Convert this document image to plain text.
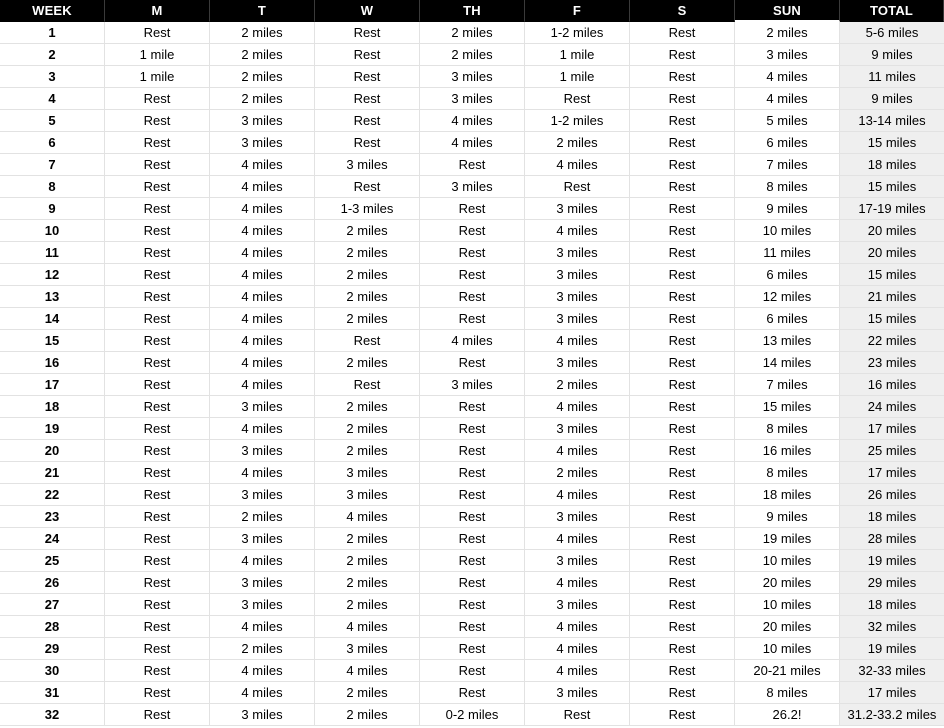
WEEK	M	T	W	TH	F	S	SUN	TOTAL
1	Rest	2 miles	Rest	2 miles	1-2 miles	Rest	2 miles	5-6 miles
2	1 mile	2 miles	Rest	2 miles	1 mile	Rest	3 miles	9 miles
3	1 mile	2 miles	Rest	3 miles	1 mile	Rest	4 miles	11 miles
4	Rest	2 miles	Rest	3 miles	Rest	Rest	4 miles	9 miles
5	Rest	3 miles	Rest	4 miles	1-2 miles	Rest	5 miles	13-14 miles
6	Rest	3 miles	Rest	4 miles	2 miles	Rest	6 miles	15 miles
7	Rest	4 miles	3 miles	Rest	4 miles	Rest	7 miles	18 miles
8	Rest	4 miles	Rest	3 miles	Rest	Rest	8 miles	15 miles
9	Rest	4 miles	1-3 miles	Rest	3 miles	Rest	9 miles	17-19 miles
10	Rest	4 miles	2 miles	Rest	4 miles	Rest	10 miles	20 miles
11	Rest	4 miles	2 miles	Rest	3 miles	Rest	11 miles	20 miles
12	Rest	4 miles	2 miles	Rest	3 miles	Rest	6 miles	15 miles
13	Rest	4 miles	2 miles	Rest	3 miles	Rest	12 miles	21 miles
14	Rest	4 miles	2 miles	Rest	3 miles	Rest	6 miles	15 miles
15	Rest	4 miles	Rest	4 miles	4 miles	Rest	13 miles	22 miles
16	Rest	4 miles	2 miles	Rest	3 miles	Rest	14 miles	23 miles
17	Rest	4 miles	Rest	3 miles	2 miles	Rest	7 miles	16 miles
18	Rest	3 miles	2 miles	Rest	4 miles	Rest	15 miles	24 miles
19	Rest	4 miles	2 miles	Rest	3 miles	Rest	8 miles	17 miles
20	Rest	3 miles	2 miles	Rest	4 miles	Rest	16 miles	25 miles
21	Rest	4 miles	3 miles	Rest	2 miles	Rest	8 miles	17 miles
22	Rest	3 miles	3 miles	Rest	4 miles	Rest	18 miles	26 miles
23	Rest	2 miles	4 miles	Rest	3 miles	Rest	9 miles	18 miles
24	Rest	3 miles	2 miles	Rest	4 miles	Rest	19 miles	28 miles
25	Rest	4 miles	2 miles	Rest	3 miles	Rest	10 miles	19 miles
26	Rest	3 miles	2 miles	Rest	4 miles	Rest	20 miles	29 miles
27	Rest	3 miles	2 miles	Rest	3 miles	Rest	10 miles	18 miles
28	Rest	4 miles	4 miles	Rest	4 miles	Rest	20 miles	32 miles
29	Rest	2 miles	3 miles	Rest	4 miles	Rest	10 miles	19 miles
30	Rest	4 miles	4 miles	Rest	4 miles	Rest	20-21 miles	32-33 miles
31	Rest	4 miles	2 miles	Rest	3 miles	Rest	8 miles	17 miles
32	Rest	3 miles	2 miles	0-2 miles	Rest	Rest	26.2!	31.2-33.2 miles
